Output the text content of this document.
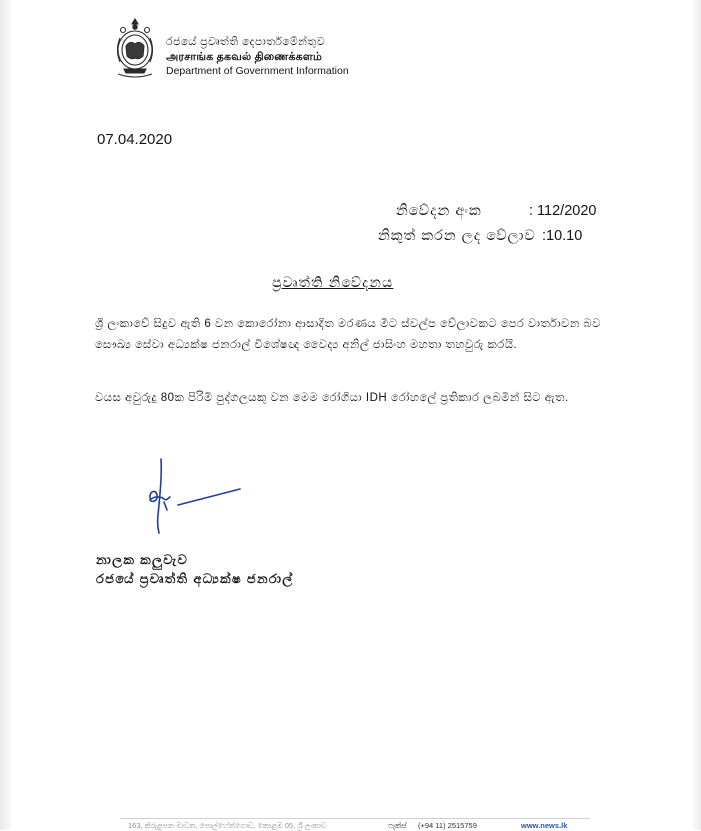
රජයේ ප්‍රවෘත්ති දෙපාර්තමේන්තුව
அரசாங்க தகவல் திணைக்களம்
Department of Government Information
07.04.2020
නිවේදන අංක	: 112/2020
නිකුත් කරන ලද වේලාව :10.10
ප්‍රවෘත්ති නිවේදනය
ශ්‍රී ලංකාවේ සිදුව ඇති 6 වන කොරෝනා ආසාදිත මරණය මීට ස්වල්ප වේලාවකට පෙර වාර්තාවන බව සෞඛ්‍ය සේවා අධ්‍යක්ෂ ජනරාල් විශේෂඥ වෛද්‍ය අනිල් ජාසිංහ මහතා තහවුරු කරයි.
වයස අවුරුදු 80ක පිරිමි පුද්ගලයකු වන මෙම රෝගියා IDH රෝහලේ ප්‍රතිකාර ලබමින් සිට ඇත.
නාලක කලුවැව
රජයේ ප්‍රවෘත්ති අධ්‍යක්ෂ ජනරාල්
163, කිරුළපන මාවත, පොල්හේන්ගොඩ, කොළඹ 05, ශ්‍රී ලංකාව	ෆැක්ස් (+94 11) 2515759	www.news.lk
